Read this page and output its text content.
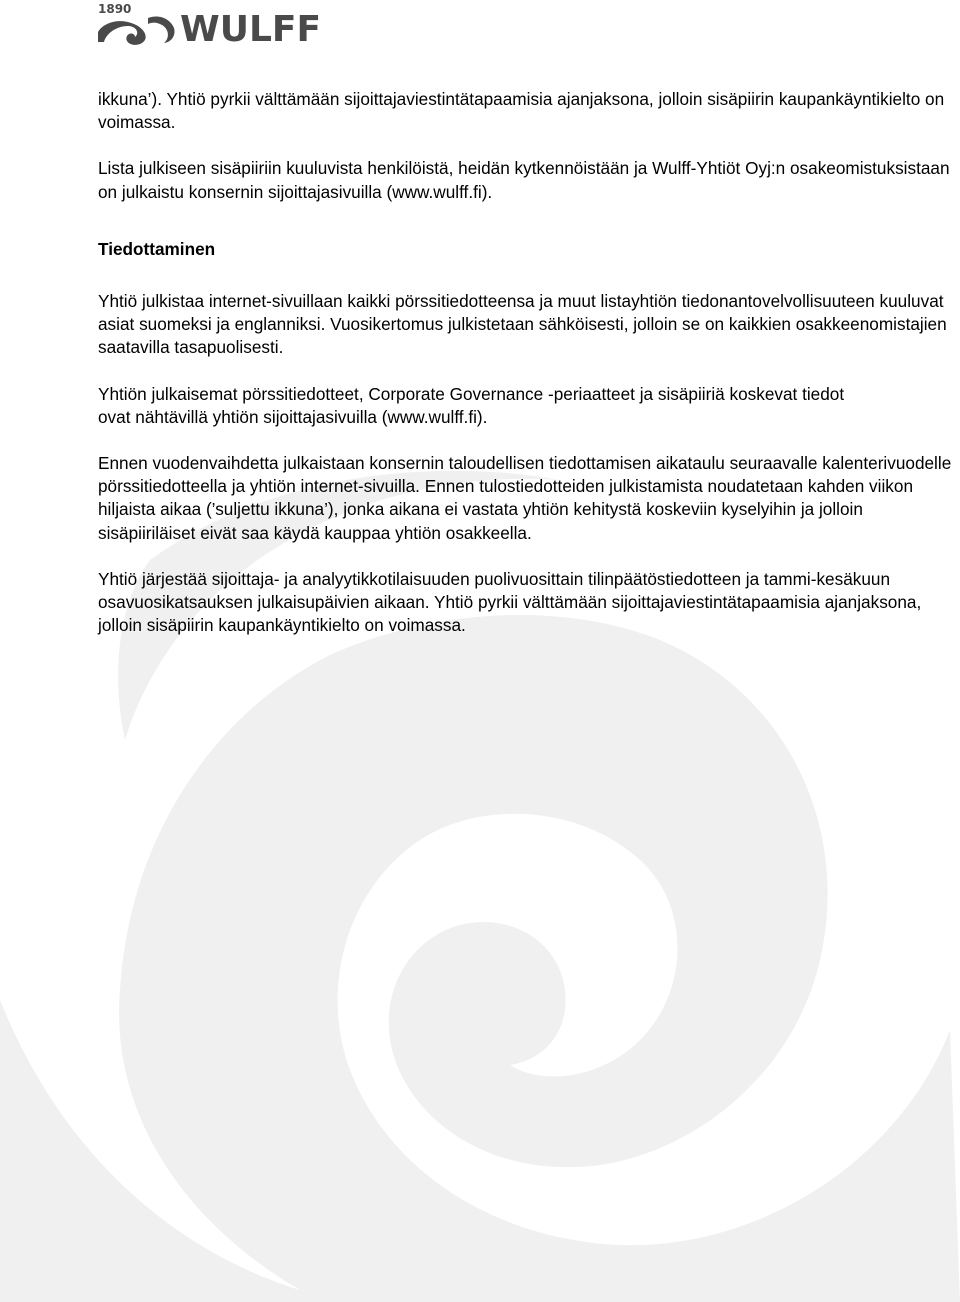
1890 WULFF

ikkuna’). Yhtiö pyrkii välttämään sijoittajaviestintätapaamisia ajanjaksona, jolloin sisäpiirin kaupankäyntikielto on voimassa.

Lista julkiseen sisäpiiriin kuuluvista henkilöistä, heidän kytkennöistään ja Wulff-Yhtiöt Oyj:n osakeomistuksistaan on julkaistu konsernin sijoittajasivuilla (www.wulff.fi).

Tiedottaminen

Yhtiö julkistaa internet-sivuillaan kaikki pörssitiedotteensa ja muut listayhtiön tiedonantovelvollisuuteen kuuluvat asiat suomeksi ja englanniksi. Vuosikertomus julkistetaan sähköisesti, jolloin se on kaikkien osakkeenomistajien saatavilla tasapuolisesti.

Yhtiön julkaisemat pörssitiedotteet, Corporate Governance -periaatteet ja sisäpiiriä koskevat tiedot
ovat nähtävillä yhtiön sijoittajasivuilla (www.wulff.fi).

Ennen vuodenvaihdetta julkaistaan konsernin taloudellisen tiedottamisen aikataulu seuraavalle kalenterivuodelle pörssitiedotteella ja yhtiön internet-sivuilla. Ennen tulostiedotteiden julkistamista noudatetaan kahden viikon hiljaista aikaa (’suljettu ikkuna’), jonka aikana ei vastata yhtiön kehitystä koskeviin kyselyihin ja jolloin sisäpiiriläiset eivät saa käydä kauppaa yhtiön osakkeella.

Yhtiö järjestää sijoittaja- ja analyytikkotilaisuuden puolivuosittain tilinpäätöstiedotteen ja tammi-kesäkuun osavuosikatsauksen julkaisupäivien aikaan. Yhtiö pyrkii välttämään sijoittajaviestintätapaamisia ajanjaksona, jolloin sisäpiirin kaupankäyntikielto on voimassa.
